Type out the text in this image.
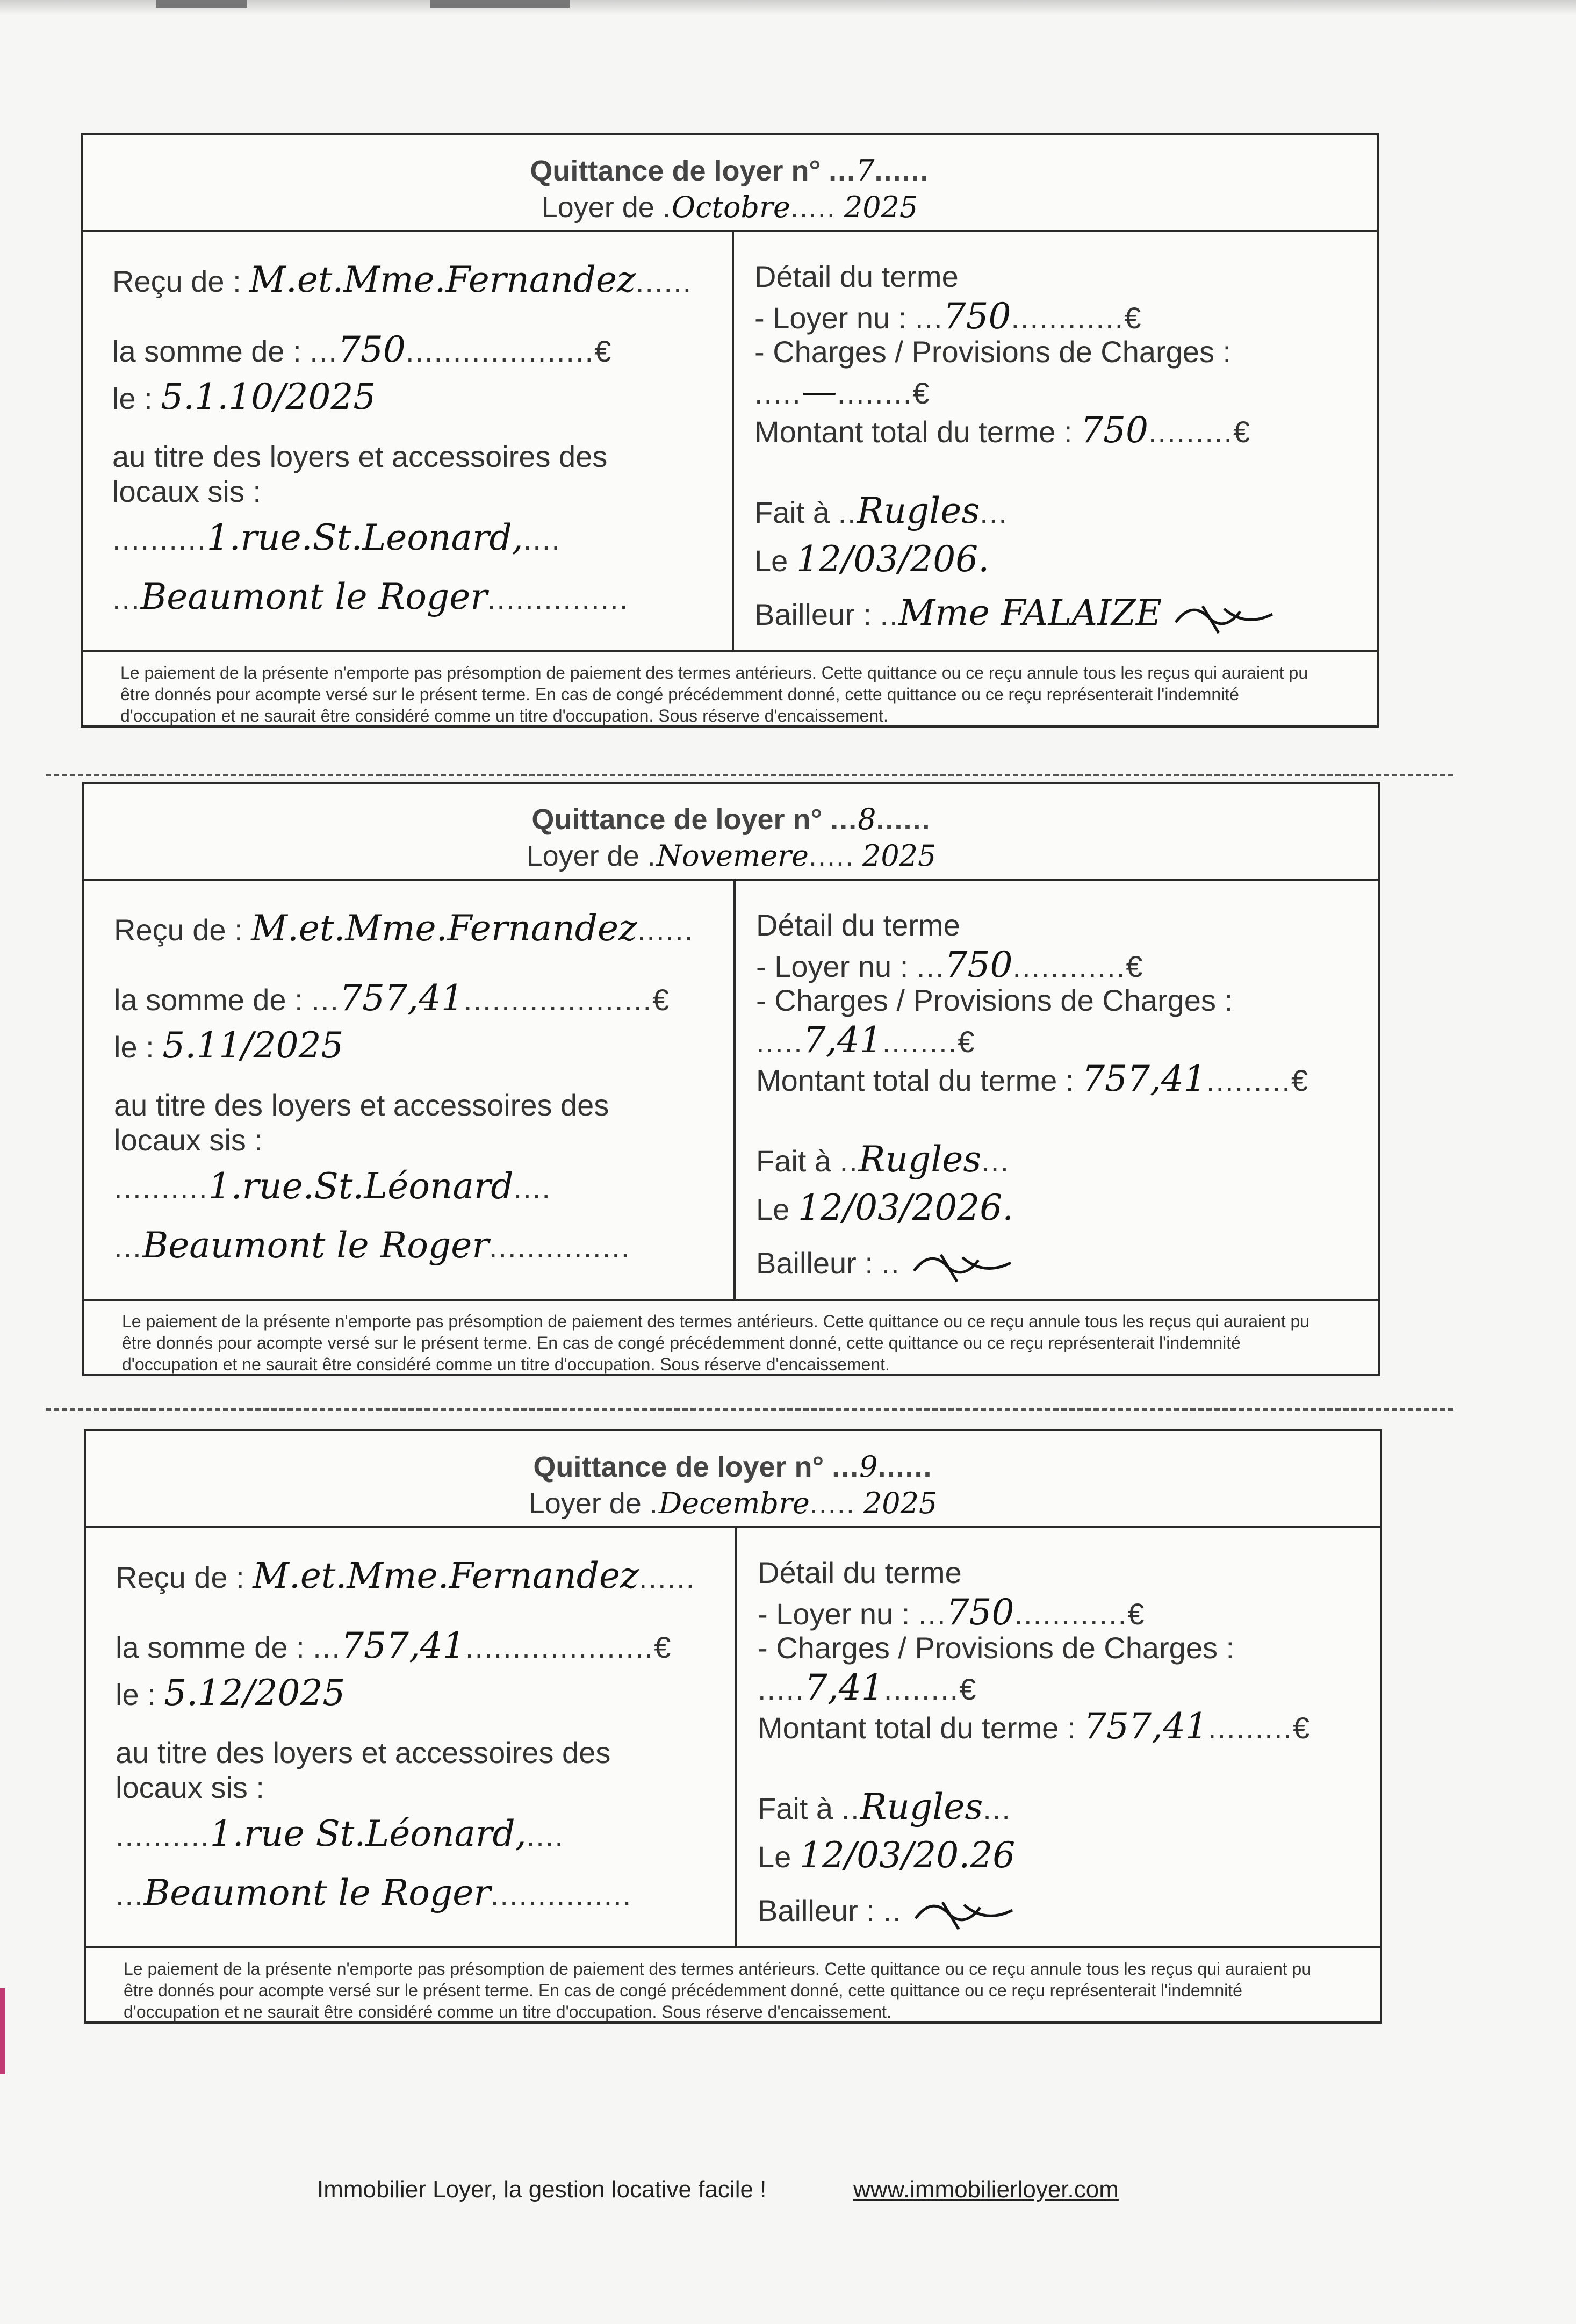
Quittance de loyer n° ...7......
Loyer de .Octobre..... 2025
Reçu de : M.et.Mme.Fernandez......
la somme de : ...750....................€
le : 5.1.10/2025
au titre des loyers et accessoires des
locaux sis :
..........1.rue.St.Leonard,....
...Beaumont le Roger...............
Détail du terme
- Loyer nu : ...750............€
- Charges / Provisions de Charges :
.....—........€
Montant total du terme : 750.........€
Fait à ..Rugles...
Le 12/03/206.
Bailleur : ..Mme FALAIZE
Le paiement de la présente n'emporte pas présomption de paiement des termes antérieurs. Cette quittance ou ce reçu annule tous les reçus qui auraient pu être donnés pour acompte versé sur le présent terme. En cas de congé précédemment donné, cette quittance ou ce reçu représenterait l'indemnité d'occupation et ne saurait être considéré comme un titre d'occupation. Sous réserve d'encaissement.
Quittance de loyer n° ...8......
Loyer de .Novemere..... 2025
Reçu de : M.et.Mme.Fernandez......
la somme de : ...757,41....................€
le : 5.11/2025
au titre des loyers et accessoires des
locaux sis :
..........1.rue.St.Léonard....
...Beaumont le Roger...............
Détail du terme
- Loyer nu : ...750............€
- Charges / Provisions de Charges :
.....7,41........€
Montant total du terme : 757,41.........€
Fait à ..Rugles...
Le 12/03/2026.
Bailleur : ..
Le paiement de la présente n'emporte pas présomption de paiement des termes antérieurs. Cette quittance ou ce reçu annule tous les reçus qui auraient pu être donnés pour acompte versé sur le présent terme. En cas de congé précédemment donné, cette quittance ou ce reçu représenterait l'indemnité d'occupation et ne saurait être considéré comme un titre d'occupation. Sous réserve d'encaissement.
Quittance de loyer n° ...9......
Loyer de .Decembre..... 2025
Reçu de : M.et.Mme.Fernandez......
la somme de : ...757,41....................€
le : 5.12/2025
au titre des loyers et accessoires des
locaux sis :
..........1.rue St.Léonard,....
...Beaumont le Roger...............
Détail du terme
- Loyer nu : ...750............€
- Charges / Provisions de Charges :
.....7,41........€
Montant total du terme : 757,41.........€
Fait à ..Rugles...
Le 12/03/20.26
Bailleur : ..
Le paiement de la présente n'emporte pas présomption de paiement des termes antérieurs. Cette quittance ou ce reçu annule tous les reçus qui auraient pu être donnés pour acompte versé sur le présent terme. En cas de congé précédemment donné, cette quittance ou ce reçu représenterait l'indemnité d'occupation et ne saurait être considéré comme un titre d'occupation. Sous réserve d'encaissement.
Immobilier Loyer, la gestion locative facile !	www.immobilierloyer.com
